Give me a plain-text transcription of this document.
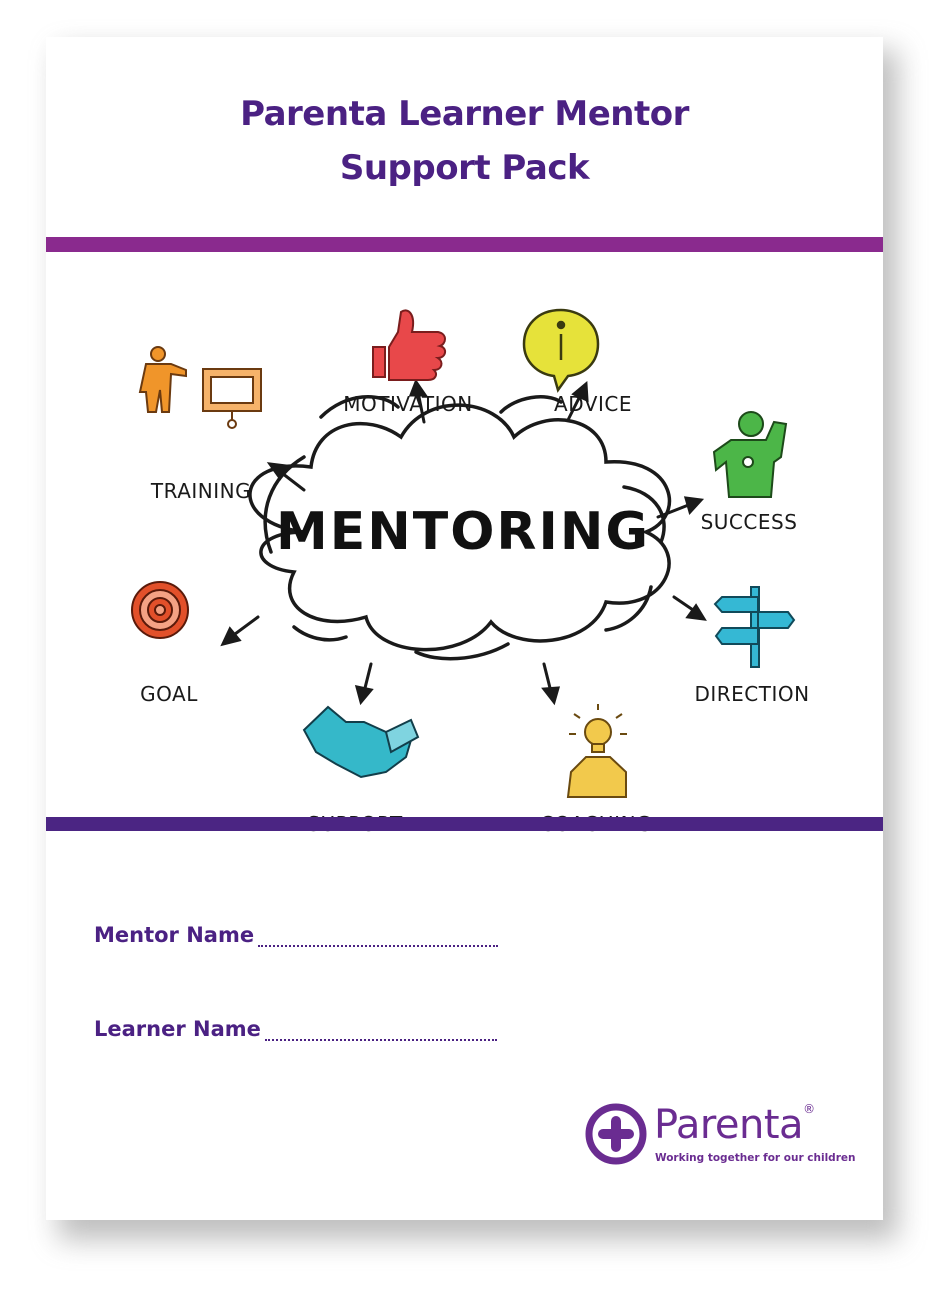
Parenta Learner Mentor
Support Pack
MENTORING
TRAINING
MOTIVATION	ADVICE
SUCCESS
DIRECTION
GOAL
Mentor Name
Learner Name
Parenta®
Working together for our children
